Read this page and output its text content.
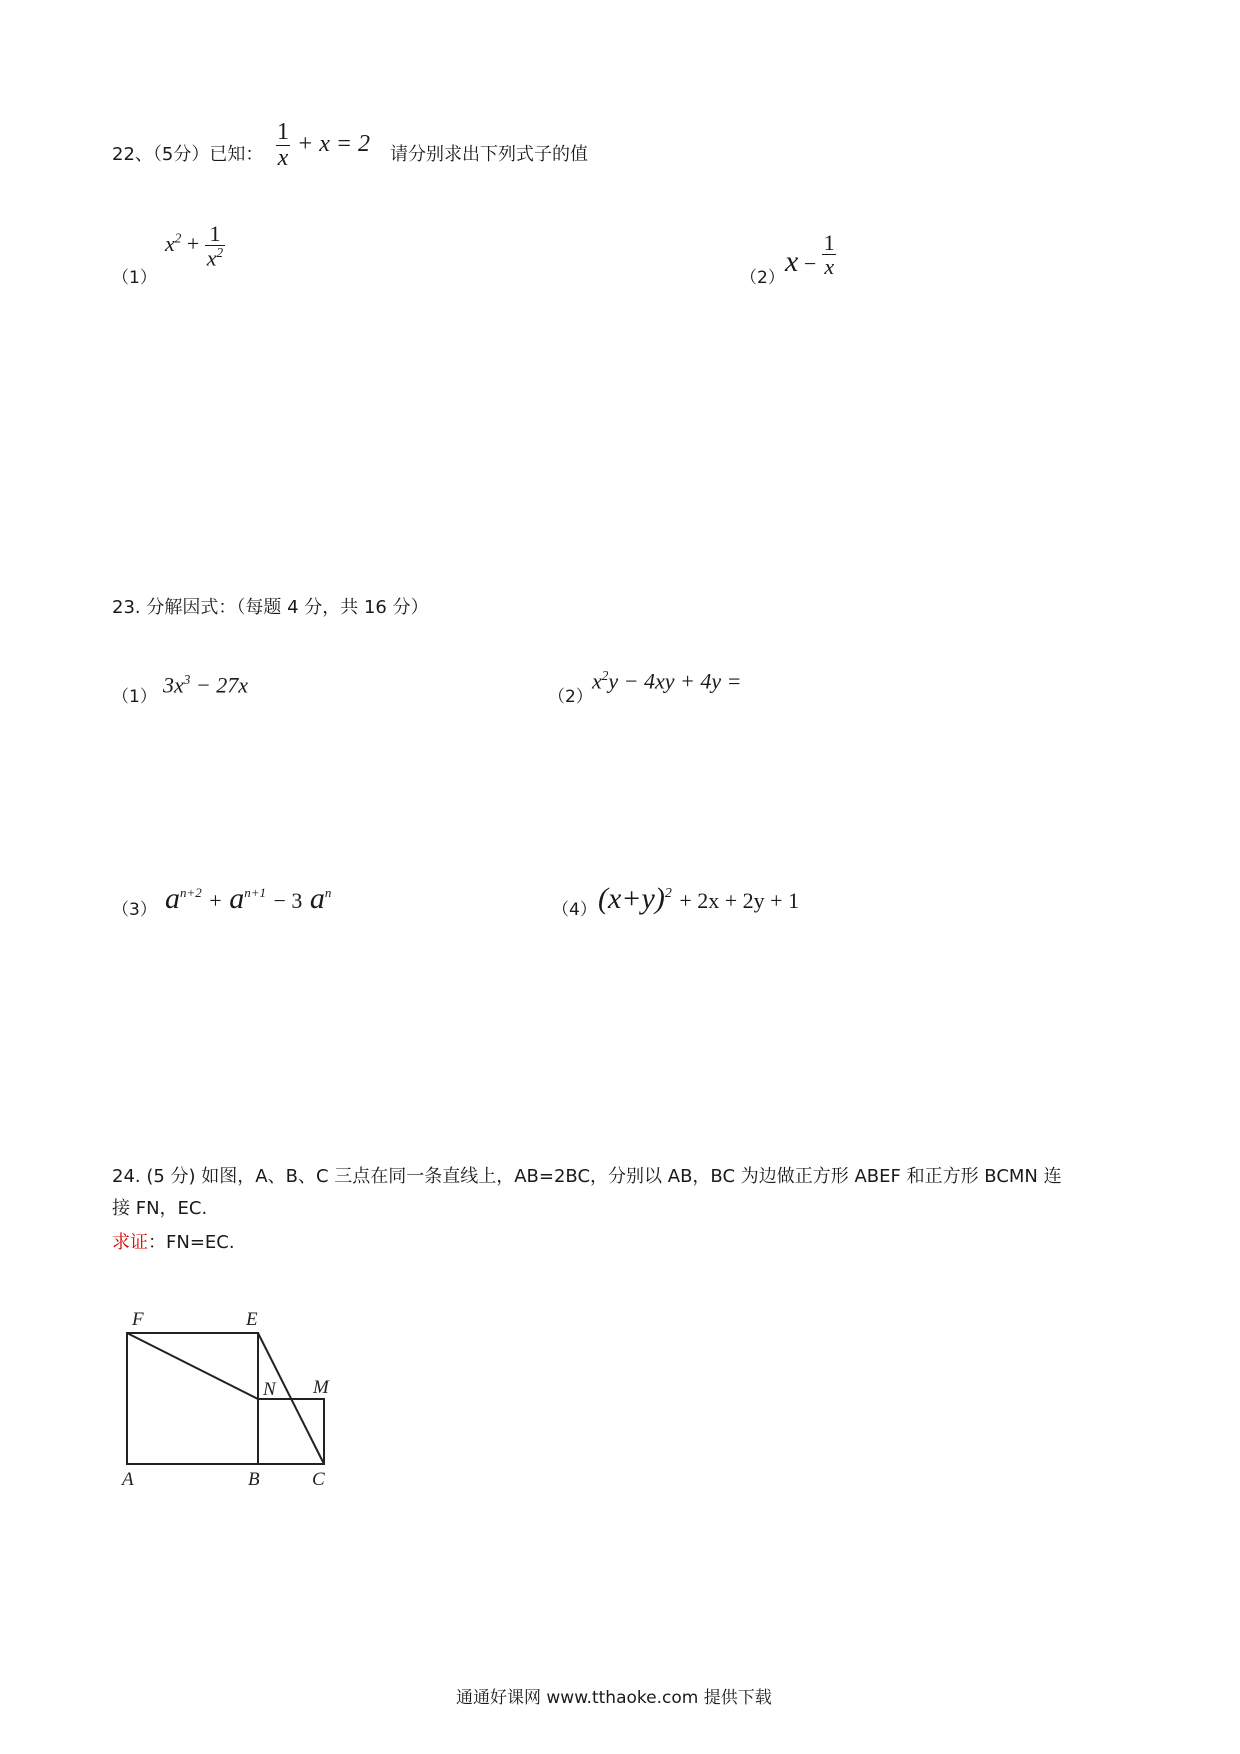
22、（5分）已知： $\frac{1}{x} + x = 2$ 请分别求出下列式子的值
（1）
$x^2 + \frac{1}{x^2}$
（2） $x - \frac{1}{x}$
23. 分解因式：（每题 4 分，共 16 分）
（1） $3x^3 - 27x$	（2）
$x^2y - 4xy + 4y$ =
（3） $a^{n+2} + a^{n+1} - 3$ $a^n$
（4） $(x+y)^2 + 2x + 2y + 1$
24. (5 分) 如图，A、B、C 三点在同一条直线上，AB=2BC，分别以 AB，BC 为边做正方形 ABEF 和正方形 BCMN 连
接 FN，EC.
求证：FN=EC.
F	E
N M
A	B	C
通通好课网 www.tthaoke.com 提供下载
